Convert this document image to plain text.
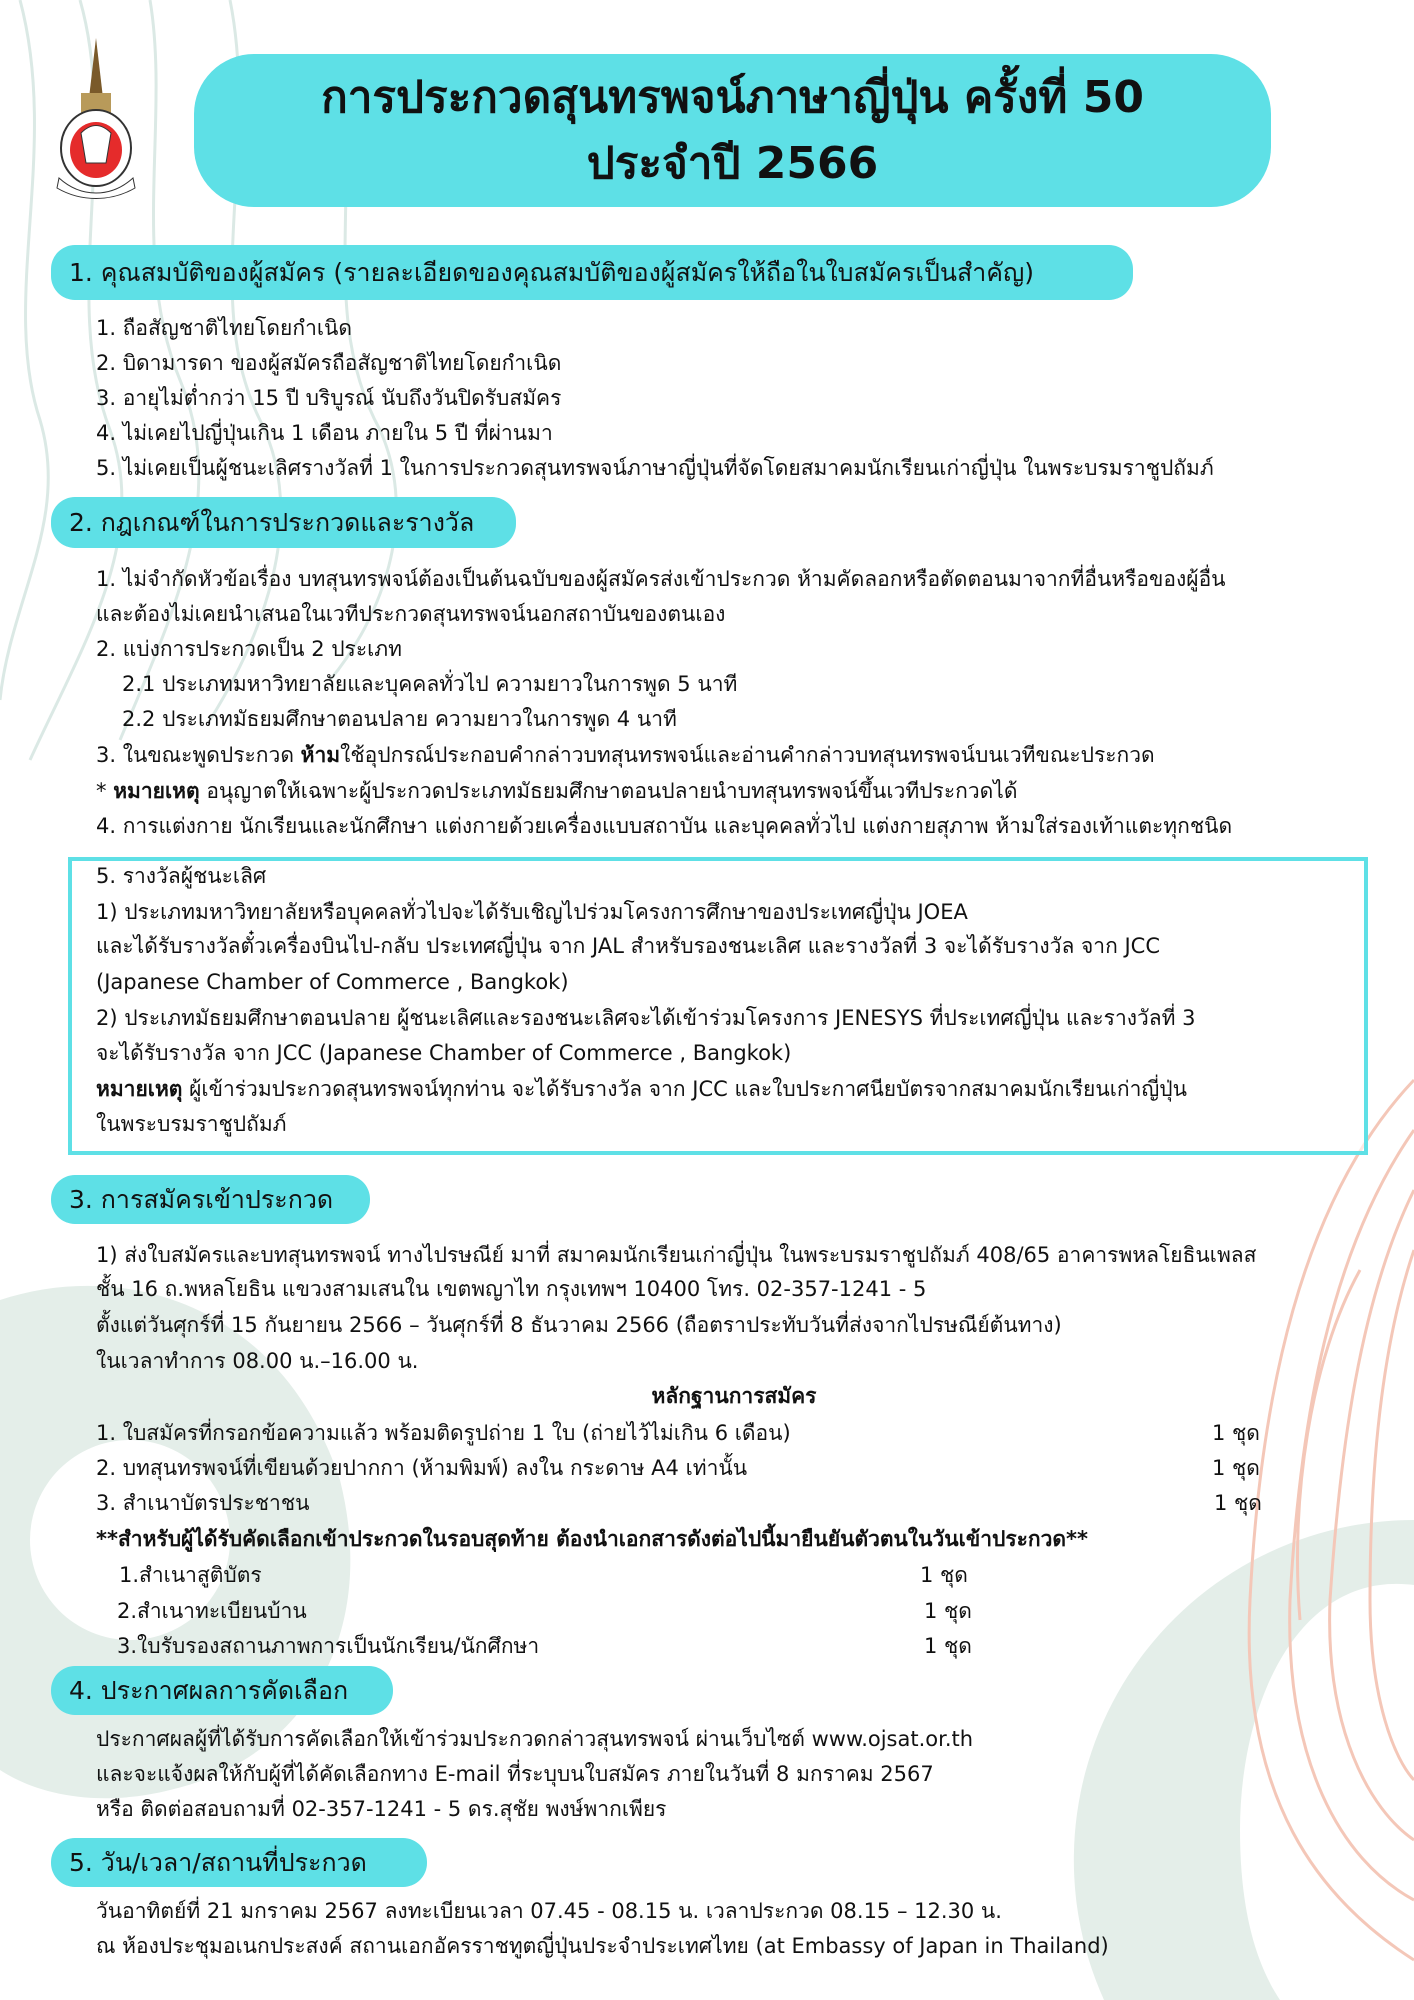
การประกวดสุนทรพจน์ภาษาญี่ปุ่น ครั้งที่ 50
ประจำปี 2566
1. คุณสมบัติของผู้สมัคร (รายละเอียดของคุณสมบัติของผู้สมัครให้ถือในใบสมัครเป็นสำคัญ)
1. ถือสัญชาติไทยโดยกำเนิด
2. บิดามารดา ของผู้สมัครถือสัญชาติไทยโดยกำเนิด
3. อายุไม่ต่ำกว่า 15 ปี บริบูรณ์ นับถึงวันปิดรับสมัคร
4. ไม่เคยไปญี่ปุ่นเกิน 1 เดือน ภายใน 5 ปี ที่ผ่านมา
5. ไม่เคยเป็นผู้ชนะเลิศรางวัลที่ 1 ในการประกวดสุนทรพจน์ภาษาญี่ปุ่นที่จัดโดยสมาคมนักเรียนเก่าญี่ปุ่น ในพระบรมราชูปถัมภ์
2. กฎเกณฑ์ในการประกวดและรางวัล
1. ไม่จำกัดหัวข้อเรื่อง บทสุนทรพจน์ต้องเป็นต้นฉบับของผู้สมัครส่งเข้าประกวด ห้ามคัดลอกหรือตัดตอนมาจากที่อื่นหรือของผู้อื่น
และต้องไม่เคยนำเสนอในเวทีประกวดสุนทรพจน์นอกสถาบันของตนเอง
2. แบ่งการประกวดเป็น 2 ประเภท
2.1 ประเภทมหาวิทยาลัยและบุคคลทั่วไป ความยาวในการพูด 5 นาที
2.2 ประเภทมัธยมศึกษาตอนปลาย ความยาวในการพูด 4 นาที
3. ในขณะพูดประกวด ห้ามใช้อุปกรณ์ประกอบคำกล่าวบทสุนทรพจน์และอ่านคำกล่าวบทสุนทรพจน์บนเวทีขณะประกวด
* หมายเหตุ อนุญาตให้เฉพาะผู้ประกวดประเภทมัธยมศึกษาตอนปลายนำบทสุนทรพจน์ขึ้นเวทีประกวดได้
4. การแต่งกาย นักเรียนและนักศึกษา แต่งกายด้วยเครื่องแบบสถาบัน และบุคคลทั่วไป แต่งกายสุภาพ ห้ามใส่รองเท้าแตะทุกชนิด
5. รางวัลผู้ชนะเลิศ
1) ประเภทมหาวิทยาลัยหรือบุคคลทั่วไปจะได้รับเชิญไปร่วมโครงการศึกษาของประเทศญี่ปุ่น JOEA
และได้รับรางวัลตั๋วเครื่องบินไป-กลับ ประเทศญี่ปุ่น จาก JAL สำหรับรองชนะเลิศ และรางวัลที่ 3 จะได้รับรางวัล จาก JCC
(Japanese Chamber of Commerce , Bangkok)
2) ประเภทมัธยมศึกษาตอนปลาย ผู้ชนะเลิศและรองชนะเลิศจะได้เข้าร่วมโครงการ JENESYS ที่ประเทศญี่ปุ่น และรางวัลที่ 3
จะได้รับรางวัล จาก JCC (Japanese Chamber of Commerce , Bangkok)
หมายเหตุ ผู้เข้าร่วมประกวดสุนทรพจน์ทุกท่าน จะได้รับรางวัล จาก JCC และใบประกาศนียบัตรจากสมาคมนักเรียนเก่าญี่ปุ่น
ในพระบรมราชูปถัมภ์
3. การสมัครเข้าประกวด
1) ส่งใบสมัครและบทสุนทรพจน์ ทางไปรษณีย์ มาที่ สมาคมนักเรียนเก่าญี่ปุ่น ในพระบรมราชูปถัมภ์ 408/65 อาคารพหลโยธินเพลส
ชั้น 16 ถ.พหลโยธิน แขวงสามเสนใน เขตพญาไท กรุงเทพฯ 10400 โทร. 02-357-1241 - 5
ตั้งแต่วันศุกร์ที่ 15 กันยายน 2566 – วันศุกร์ที่ 8 ธันวาคม 2566 (ถือตราประทับวันที่ส่งจากไปรษณีย์ต้นทาง)
ในเวลาทำการ 08.00 น.–16.00 น.
หลักฐานการสมัคร
1. ใบสมัครที่กรอกข้อความแล้ว พร้อมติดรูปถ่าย 1 ใบ (ถ่ายไว้ไม่เกิน 6 เดือน)	1 ชุด
2. บทสุนทรพจน์ที่เขียนด้วยปากกา (ห้ามพิมพ์) ลงใน กระดาษ A4 เท่านั้น	1 ชุด
3. สำเนาบัตรประชาชน	1 ชุด
**สำหรับผู้ได้รับคัดเลือกเข้าประกวดในรอบสุดท้าย ต้องนำเอกสารดังต่อไปนี้มายืนยันตัวตนในวันเข้าประกวด**
1.สำเนาสูติบัตร	1 ชุด
2.สำเนาทะเบียนบ้าน	1 ชุด
3.ใบรับรองสถานภาพการเป็นนักเรียน/นักศึกษา	1 ชุด
4. ประกาศผลการคัดเลือก
ประกาศผลผู้ที่ได้รับการคัดเลือกให้เข้าร่วมประกวดกล่าวสุนทรพจน์ ผ่านเว็บไซต์ www.ojsat.or.th
และจะแจ้งผลให้กับผู้ที่ได้คัดเลือกทาง E-mail ที่ระบุบนใบสมัคร ภายในวันที่ 8 มกราคม 2567
หรือ ติดต่อสอบถามที่ 02-357-1241 - 5 ดร.สุชัย พงษ์พากเพียร
5. วัน/เวลา/สถานที่ประกวด
วันอาทิตย์ที่ 21 มกราคม 2567 ลงทะเบียนเวลา 07.45 - 08.15 น. เวลาประกวด 08.15 – 12.30 น.
ณ ห้องประชุมอเนกประสงค์ สถานเอกอัครราชทูตญี่ปุ่นประจำประเทศไทย (at Embassy of Japan in Thailand)
